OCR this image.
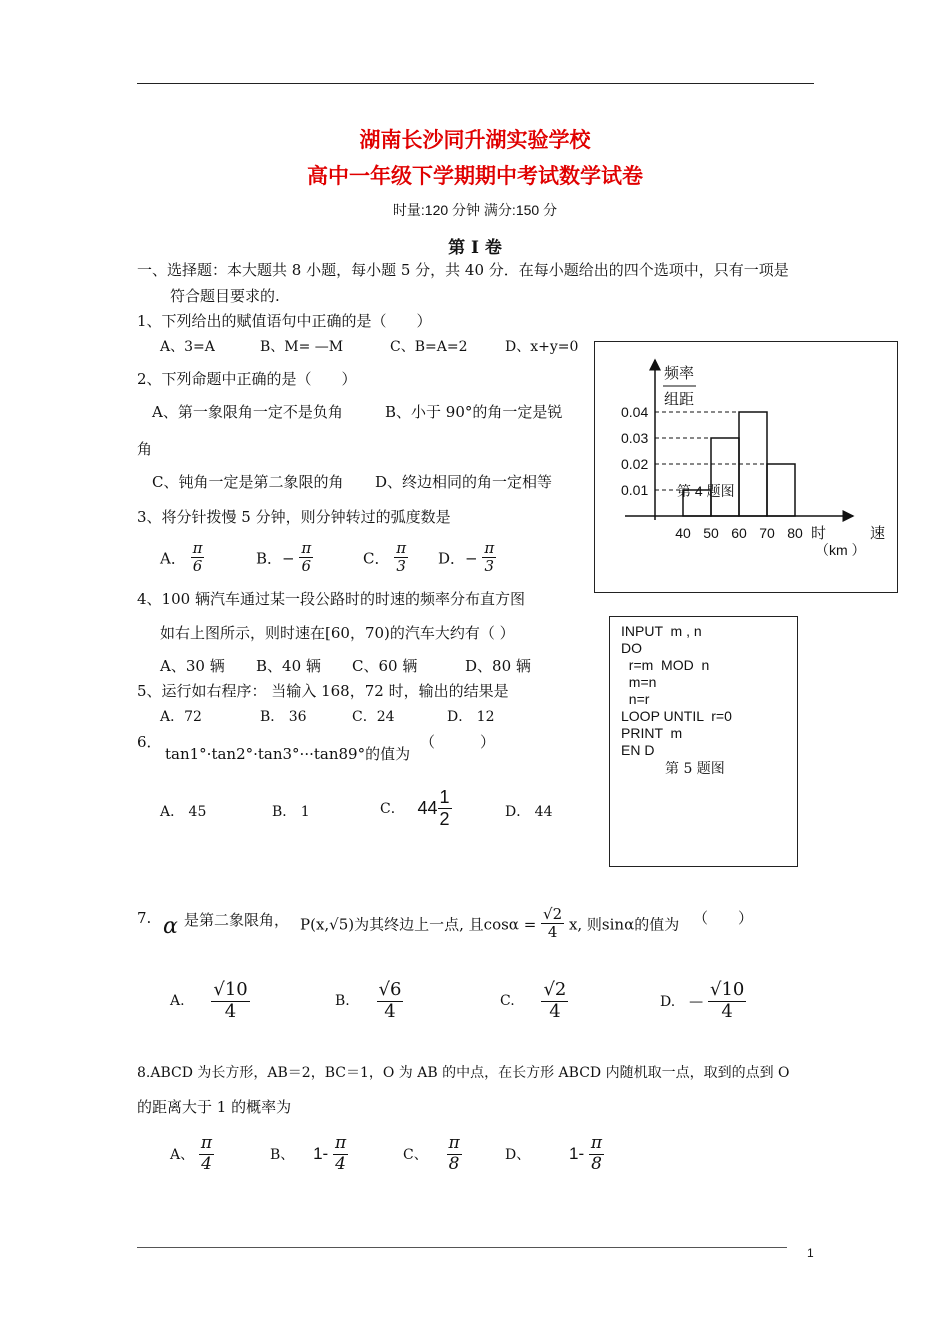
湖南长沙同升湖实验学校
高中一年级下学期期中考试数学试卷
时量:120 分钟 满分:150 分
第 I 卷
一、选择题：本大题共 8 小题，每小题 5 分，共 40 分．在每小题给出的四个选项中，只有一项是
符合题目要求的.
1、下列给出的赋值语句中正确的是（　　）
A、3=A	B、M= —M	C、B=A=2	D、x+y=0
2、下列命题中正确的是（　　）
A、第一象限角一定不是负角	B、小于 90°的角一定是锐
角
C、钝角一定是第二象限的角 D、终边相同的角一定相等
3、将分针拨慢 5 分钟，则分钟转过的弧度数是
A． $\frac{\pi}{6}$	B．− $\frac{\pi}{6}$	C． $\frac{\pi}{3}$ D．− $\frac{\pi}{3}$
4、100 辆汽车通过某一段公路时的时速的频率分布直方图
如右上图所示，则时速在[60，70)的汽车大约有（ ）
A、30 辆 B、40 辆 C、60 辆	D、80 辆
5、运行如右程序： 当输入 168，72 时，输出的结果是
A．72	B． 36	C．24	D． 12
6．
tan1°·tan2°·tan3°···tan89°的值为
（　　　）
A． 45	B． 1	C． $44 \frac{1}{2}$	D． 44
7. α 是第二象限角， P(x,√5)为其终边上一点, 且$\cos\alpha = \frac{√2}{4} x$, 则sinα的值为 （　　）
A. $\frac{√10}{4}$	B. $\frac{√6}{4}$	C. $\frac{√2}{4}$	D.　— $\frac{√10}{4}$
8.ABCD 为长方形，AB＝2，BC＝1，O 为 AB 的中点，在长方形 ABCD 内随机取一点，取到的点到 O
的距离大于 1 的概率为
A、 $\frac{\pi}{4}$	B、 $1- \frac{\pi}{4}$	C、 $\frac{\pi}{8}$	D、 $1- \frac{\pi}{8}$
频率
组距
0.01
0.02
0.03
0.04
40 50 60 70 80
第 4 题图
时	速
（km ）
INPUT  m , n
DO
r=m  MOD  n
m=n
n=r
LOOP UNTIL  r=0
PRINT  m
EN D
第 5 题图
1
